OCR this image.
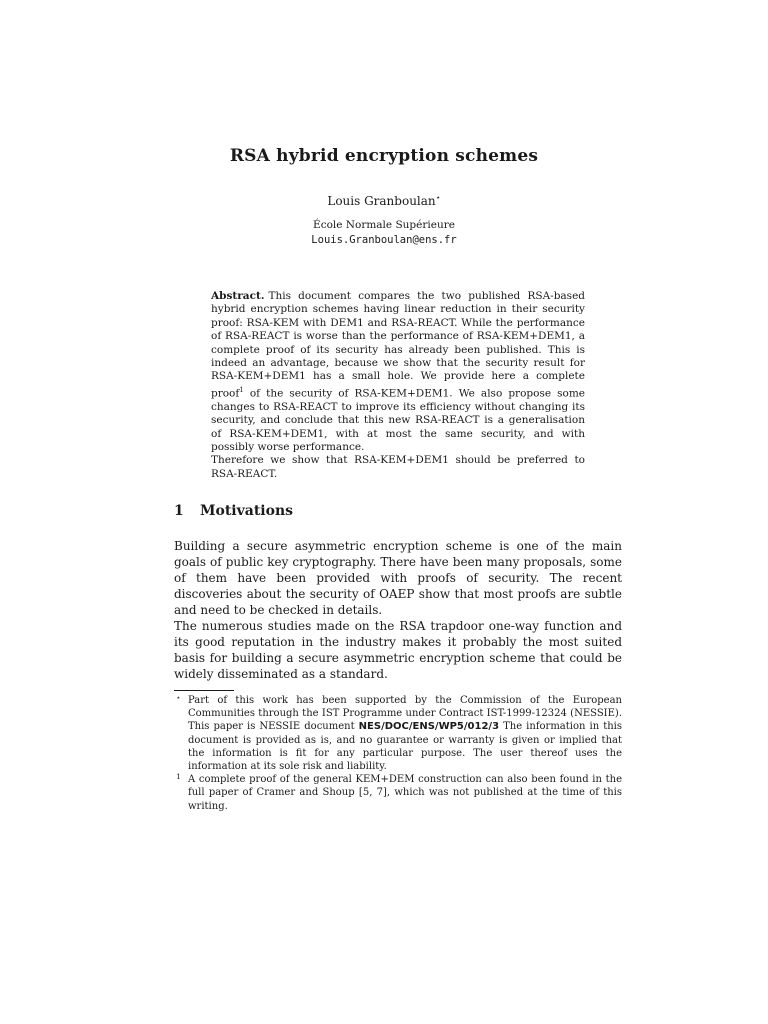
RSA hybrid encryption schemes
Louis Granboulan⋆
École Normale Supérieure
Louis.Granboulan@ens.fr

Abstract. This document compares the two published RSA-based hybrid encryption schemes having linear reduction in their security proof: RSA-KEM with DEM1 and RSA-REACT. While the performance of RSA-REACT is worse than the performance of RSA-KEM+DEM1, a complete proof of its security has already been published. This is indeed an advantage, because we show that the security result for RSA-KEM+DEM1 has a small hole. We provide here a complete proof$^1$ of the security of RSA-KEM+DEM1. We also propose some changes to RSA-REACT to improve its efficiency without changing its security, and conclude that this new RSA-REACT is a generalisation of RSA-KEM+DEM1, with at most the same security, and with possibly worse performance.

Therefore we show that RSA-KEM+DEM1 should be preferred to RSA-REACT.

1 Motivations

Building a secure asymmetric encryption scheme is one of the main goals of public key cryptography. There have been many proposals, some of them have been provided with proofs of security. The recent discoveries about the security of OAEP show that most proofs are subtle and need to be checked in details.

The numerous studies made on the RSA trapdoor one-way function and its good reputation in the industry makes it probably the most suited basis for building a secure asymmetric encryption scheme that could be widely disseminated as a standard.

⋆ Part of this work has been supported by the Commission of the European Communities through the IST Programme under Contract IST-1999-12324 (NESSIE). This paper is NESSIE document NES/DOC/ENS/WP5/012/3 The information in this document is provided as is, and no guarantee or warranty is given or implied that the information is fit for any particular purpose. The user thereof uses the information at its sole risk and liability.

1 A complete proof of the general KEM+DEM construction can also been found in the full paper of Cramer and Shoup [5, 7], which was not published at the time of this writing.
